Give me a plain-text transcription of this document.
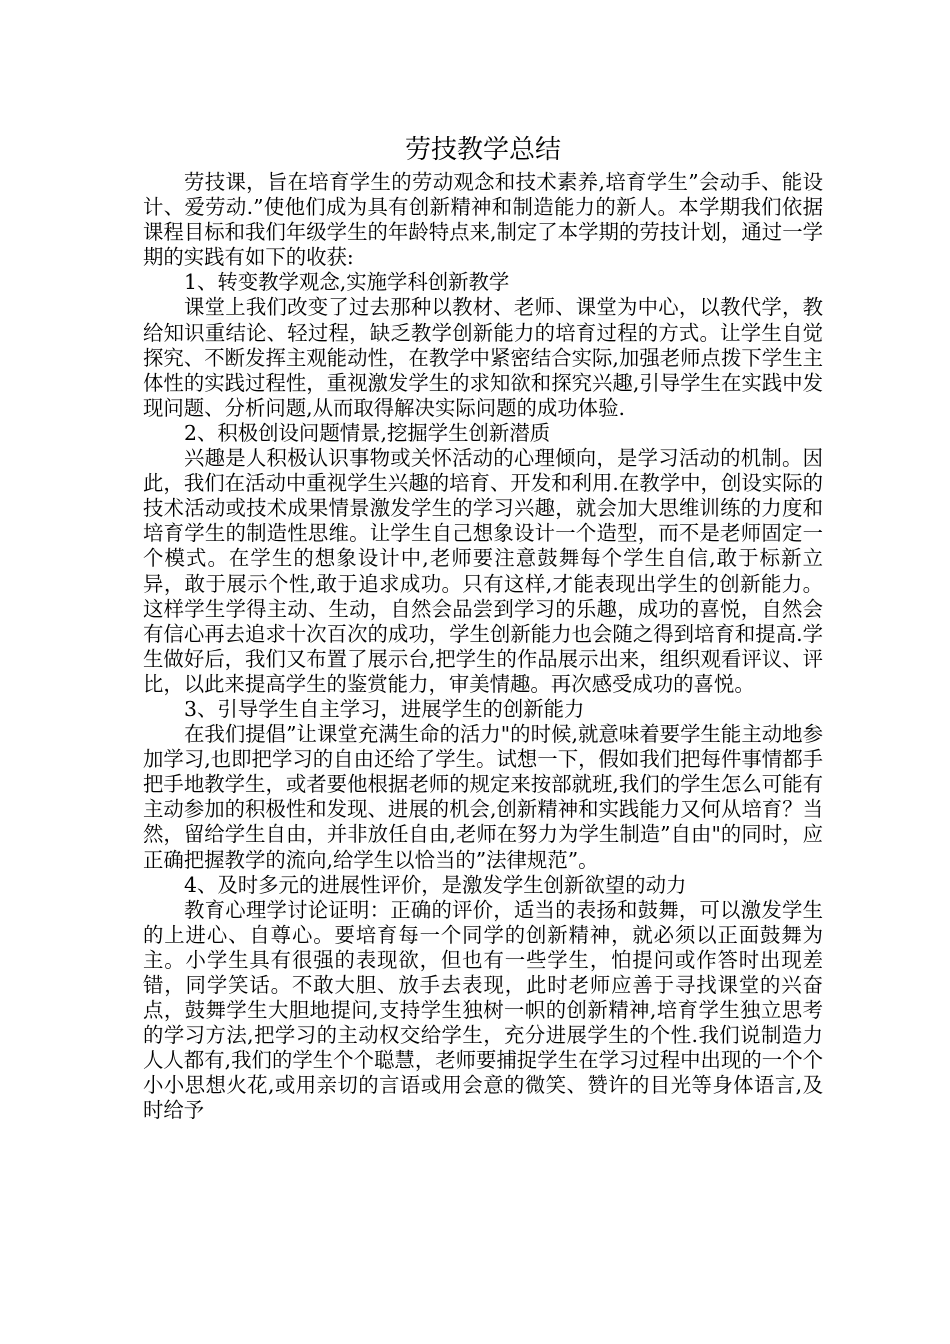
劳技教学总结

劳技课，旨在培育学生的劳动观念和技术素养,培育学生”会动手、能设计、爱劳动.”使他们成为具有创新精神和制造能力的新人。本学期我们依据课程目标和我们年级学生的年龄特点来,制定了本学期的劳技计划，通过一学期的实践有如下的收获:

1、转变教学观念,实施学科创新教学

课堂上我们改变了过去那种以教材、老师、课堂为中心，以教代学，教给知识重结论、轻过程，缺乏教学创新能力的培育过程的方式。让学生自觉探究、不断发挥主观能动性，在教学中紧密结合实际,加强老师点拨下学生主体性的实践过程性，重视激发学生的求知欲和探究兴趣,引导学生在实践中发现问题、分析问题,从而取得解决实际问题的成功体验.

2、积极创设问题情景,挖掘学生创新潜质

兴趣是人积极认识事物或关怀活动的心理倾向，是学习活动的机制。因此，我们在活动中重视学生兴趣的培育、开发和利用.在教学中，创设实际的技术活动或技术成果情景激发学生的学习兴趣，就会加大思维训练的力度和培育学生的制造性思维。让学生自己想象设计一个造型，而不是老师固定一个模式。在学生的想象设计中,老师要注意鼓舞每个学生自信,敢于标新立异，敢于展示个性,敢于追求成功。只有这样,才能表现出学生的创新能力。这样学生学得主动、生动，自然会品尝到学习的乐趣，成功的喜悦，自然会有信心再去追求十次百次的成功，学生创新能力也会随之得到培育和提高.学生做好后，我们又布置了展示台,把学生的作品展示出来，组织观看评议、评比，以此来提高学生的鉴赏能力，审美情趣。再次感受成功的喜悦。

3、引导学生自主学习，进展学生的创新能力

在我们提倡”让课堂充满生命的活力"的时候,就意味着要学生能主动地参加学习,也即把学习的自由还给了学生。试想一下，假如我们把每件事情都手把手地教学生，或者要他根据老师的规定来按部就班,我们的学生怎么可能有主动参加的积极性和发现、进展的机会,创新精神和实践能力又何从培育？当然，留给学生自由，并非放任自由,老师在努力为学生制造”自由"的同时，应正确把握教学的流向,给学生以恰当的”法律规范”。

4、及时多元的进展性评价，是激发学生创新欲望的动力

教育心理学讨论证明：正确的评价，适当的表扬和鼓舞，可以激发学生的上进心、自尊心。要培育每一个同学的创新精神，就必须以正面鼓舞为主。小学生具有很强的表现欲，但也有一些学生，怕提问或作答时出现差错，同学笑话。不敢大胆、放手去表现，此时老师应善于寻找课堂的兴奋点，鼓舞学生大胆地提问,支持学生独树一帜的创新精神,培育学生独立思考的学习方法,把学习的主动权交给学生，充分进展学生的个性.我们说制造力人人都有,我们的学生个个聪慧，老师要捕捉学生在学习过程中出现的一个个小小思想火花,或用亲切的言语或用会意的微笑、赞许的目光等身体语言,及时给予
